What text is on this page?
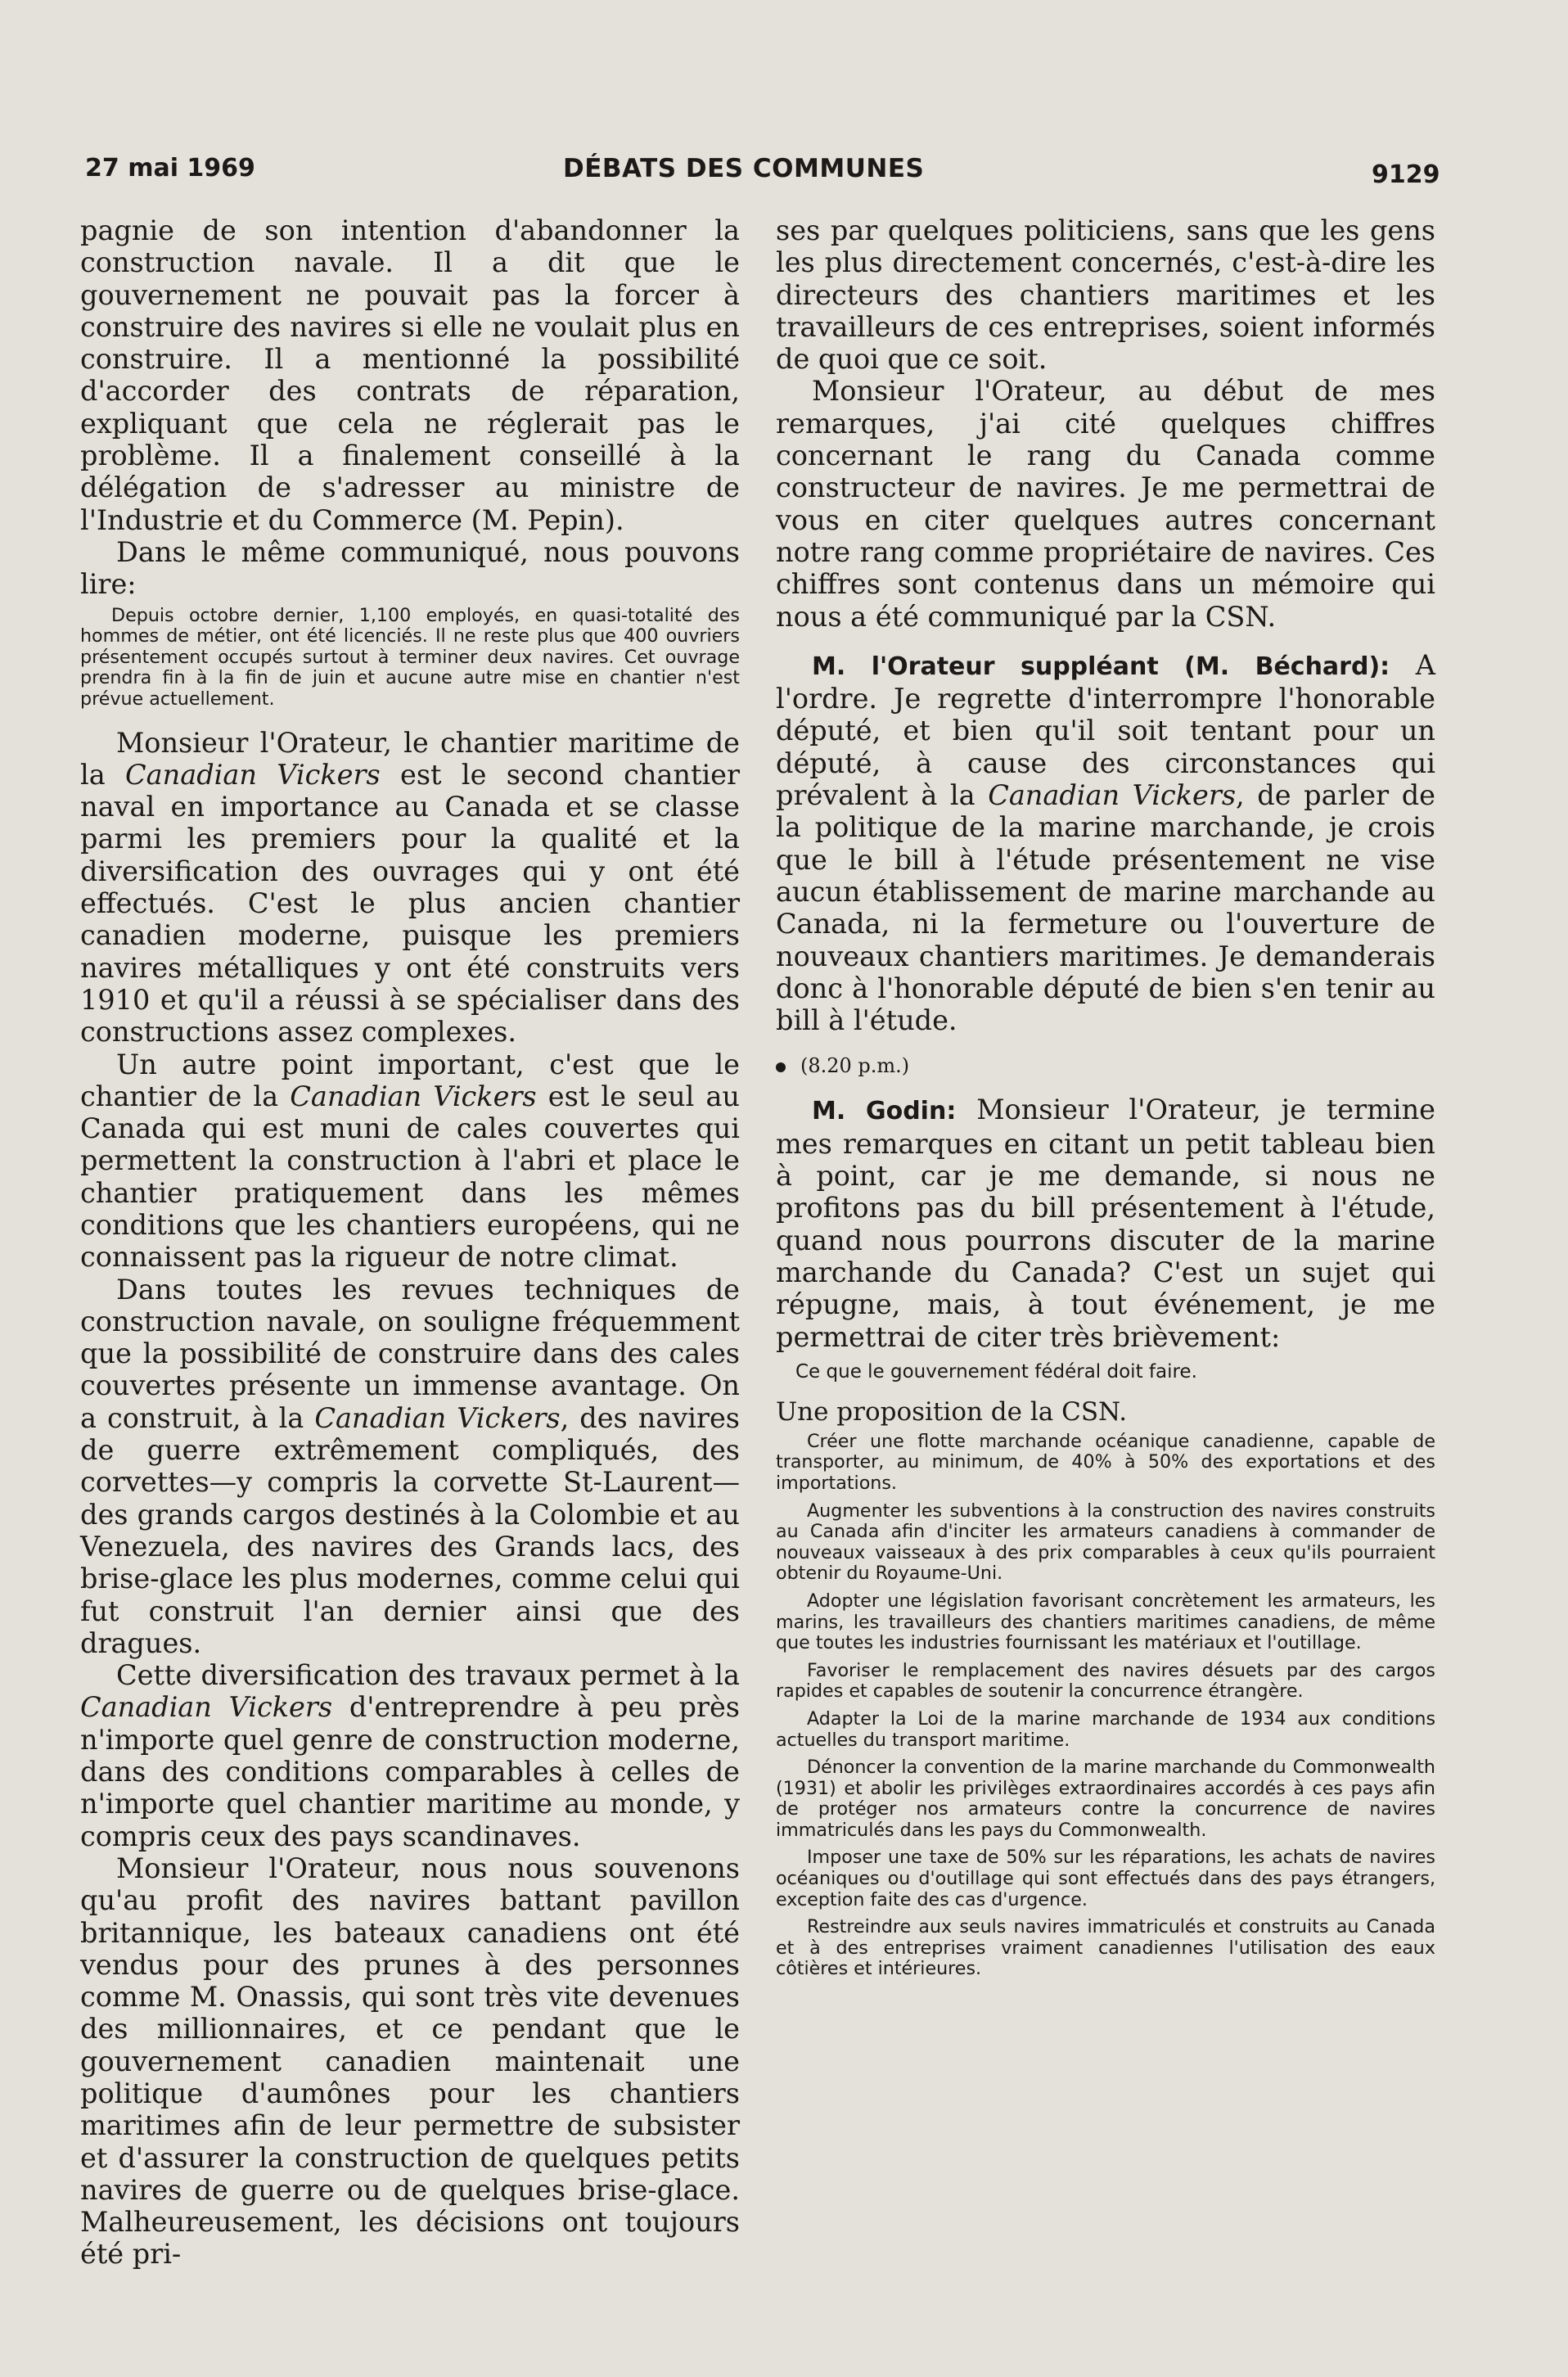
27 mai 1969	DÉBATS DES COMMUNES	9129

pagnie de son intention d'abandonner la construction navale. Il a dit que le gouvernement ne pouvait pas la forcer à construire des navires si elle ne voulait plus en construire. Il a mentionné la possibilité d'accorder des contrats de réparation, expliquant que cela ne réglerait pas le problème. Il a finalement conseillé à la délégation de s'adresser au ministre de l'Industrie et du Commerce (M. Pepin).

Dans le même communiqué, nous pouvons lire:

Depuis octobre dernier, 1,100 employés, en quasi-totalité des hommes de métier, ont été licenciés. Il ne reste plus que 400 ouvriers présentement occupés surtout à terminer deux navires. Cet ouvrage prendra fin à la fin de juin et aucune autre mise en chantier n'est prévue actuellement.

Monsieur l'Orateur, le chantier maritime de la Canadian Vickers est le second chantier naval en importance au Canada et se classe parmi les premiers pour la qualité et la diversification des ouvrages qui y ont été effectués. C'est le plus ancien chantier canadien moderne, puisque les premiers navires métalliques y ont été construits vers 1910 et qu'il a réussi à se spécialiser dans des constructions assez complexes.

Un autre point important, c'est que le chantier de la Canadian Vickers est le seul au Canada qui est muni de cales couvertes qui permettent la construction à l'abri et place le chantier pratiquement dans les mêmes conditions que les chantiers européens, qui ne connaissent pas la rigueur de notre climat.

Dans toutes les revues techniques de construction navale, on souligne fréquemment que la possibilité de construire dans des cales couvertes présente un immense avantage. On a construit, à la Canadian Vickers, des navires de guerre extrêmement compliqués, des corvettes—y compris la corvette St-Laurent—des grands cargos destinés à la Colombie et au Venezuela, des navires des Grands lacs, des brise-glace les plus modernes, comme celui qui fut construit l'an dernier ainsi que des dragues.

Cette diversification des travaux permet à la Canadian Vickers d'entreprendre à peu près n'importe quel genre de construction moderne, dans des conditions comparables à celles de n'importe quel chantier maritime au monde, y compris ceux des pays scandinaves.

Monsieur l'Orateur, nous nous souvenons qu'au profit des navires battant pavillon britannique, les bateaux canadiens ont été vendus pour des prunes à des personnes comme M. Onassis, qui sont très vite devenues des millionnaires, et ce pendant que le gouvernement canadien maintenait une politique d'aumônes pour les chantiers maritimes afin de leur permettre de subsister et d'assurer la construction de quelques petits navires de guerre ou de quelques brise-glace. Malheureusement, les décisions ont toujours été pri-

ses par quelques politiciens, sans que les gens les plus directement concernés, c'est-à-dire les directeurs des chantiers maritimes et les travailleurs de ces entreprises, soient informés de quoi que ce soit.

Monsieur l'Orateur, au début de mes remarques, j'ai cité quelques chiffres concernant le rang du Canada comme constructeur de navires. Je me permettrai de vous en citer quelques autres concernant notre rang comme propriétaire de navires. Ces chiffres sont contenus dans un mémoire qui nous a été communiqué par la CSN.

M. l'Orateur suppléant (M. Béchard): A l'ordre. Je regrette d'interrompre l'honorable député, et bien qu'il soit tentant pour un député, à cause des circonstances qui prévalent à la Canadian Vickers, de parler de la politique de la marine marchande, je crois que le bill à l'étude présentement ne vise aucun établissement de marine marchande au Canada, ni la fermeture ou l'ouverture de nouveaux chantiers maritimes. Je demanderais donc à l'honorable député de bien s'en tenir au bill à l'étude.

(8.20 p.m.)

M. Godin: Monsieur l'Orateur, je termine mes remarques en citant un petit tableau bien à point, car je me demande, si nous ne profitons pas du bill présentement à l'étude, quand nous pourrons discuter de la marine marchande du Canada? C'est un sujet qui répugne, mais, à tout événement, je me permettrai de citer très brièvement:

Ce que le gouvernement fédéral doit faire.
Une proposition de la CSN.
Créer une flotte marchande océanique canadienne, capable de transporter, au minimum, de 40% à 50% des exportations et des importations.
Augmenter les subventions à la construction des navires construits au Canada afin d'inciter les armateurs canadiens à commander de nouveaux vaisseaux à des prix comparables à ceux qu'ils pourraient obtenir du Royaume-Uni.
Adopter une législation favorisant concrètement les armateurs, les marins, les travailleurs des chantiers maritimes canadiens, de même que toutes les industries fournissant les matériaux et l'outillage.
Favoriser le remplacement des navires désuets par des cargos rapides et capables de soutenir la concurrence étrangère.
Adapter la Loi de la marine marchande de 1934 aux conditions actuelles du transport maritime.
Dénoncer la convention de la marine marchande du Commonwealth (1931) et abolir les privilèges extraordinaires accordés à ces pays afin de protéger nos armateurs contre la concurrence de navires immatriculés dans les pays du Commonwealth.
Imposer une taxe de 50% sur les réparations, les achats de navires océaniques ou d'outillage qui sont effectués dans des pays étrangers, exception faite des cas d'urgence.
Restreindre aux seuls navires immatriculés et construits au Canada et à des entreprises vraiment canadiennes l'utilisation des eaux côtières et intérieures.
